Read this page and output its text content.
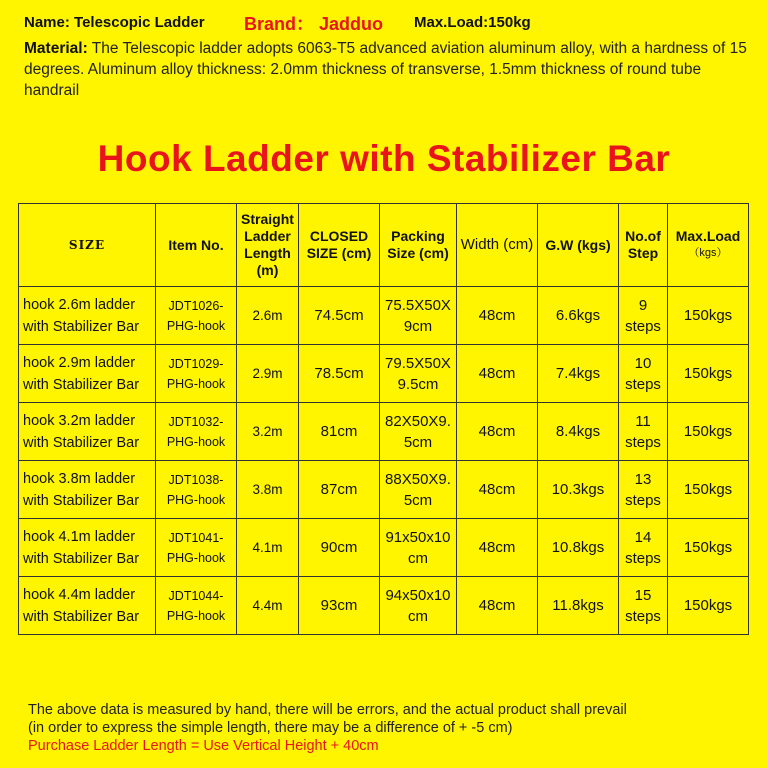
Name: Telescopic Ladder Brand： Jadduo Max.Load:150kg
Material: The Telescopic ladder adopts 6063-T5 advanced aviation aluminum alloy, with a hardness of 15 degrees. Aluminum alloy thickness: 2.0mm thickness of transverse, 1.5mm thickness of round tube handrail
Hook Ladder with Stabilizer Bar
SIZE	Item No.	Straight Ladder Length (m)	CLOSED SIZE (cm)	Packing Size (cm)	Width (cm)	G.W (kgs)	No.of Step	Max.Load
（kgs）

hook 2.6m ladder with Stabilizer Bar	JDT1026-PHG-hook	2.6m	74.5cm	75.5X50X 9cm	48cm	6.6kgs	9 steps	150kgs
hook 2.9m ladder with Stabilizer Bar	JDT1029-PHG-hook	2.9m	78.5cm	79.5X50X 9.5cm	48cm	7.4kgs	10 steps	150kgs
hook 3.2m ladder with Stabilizer Bar	JDT1032-PHG-hook	3.2m	81cm	82X50X9. 5cm	48cm	8.4kgs	11 steps	150kgs
hook 3.8m ladder with Stabilizer Bar	JDT1038-PHG-hook	3.8m	87cm	88X50X9. 5cm	48cm	10.3kgs	13 steps	150kgs
hook 4.1m ladder with Stabilizer Bar	JDT1041-PHG-hook	4.1m	90cm	91x50x10 cm	48cm	10.8kgs	14 steps	150kgs
hook 4.4m ladder with Stabilizer Bar	JDT1044-PHG-hook	4.4m	93cm	94x50x10 cm	48cm	11.8kgs	15 steps	150kgs
The above data is measured by hand, there will be errors, and the actual product shall prevail
(in order to express the simple length, there may be a difference of + -5 cm)
Purchase Ladder Length = Use Vertical Height + 40cm
